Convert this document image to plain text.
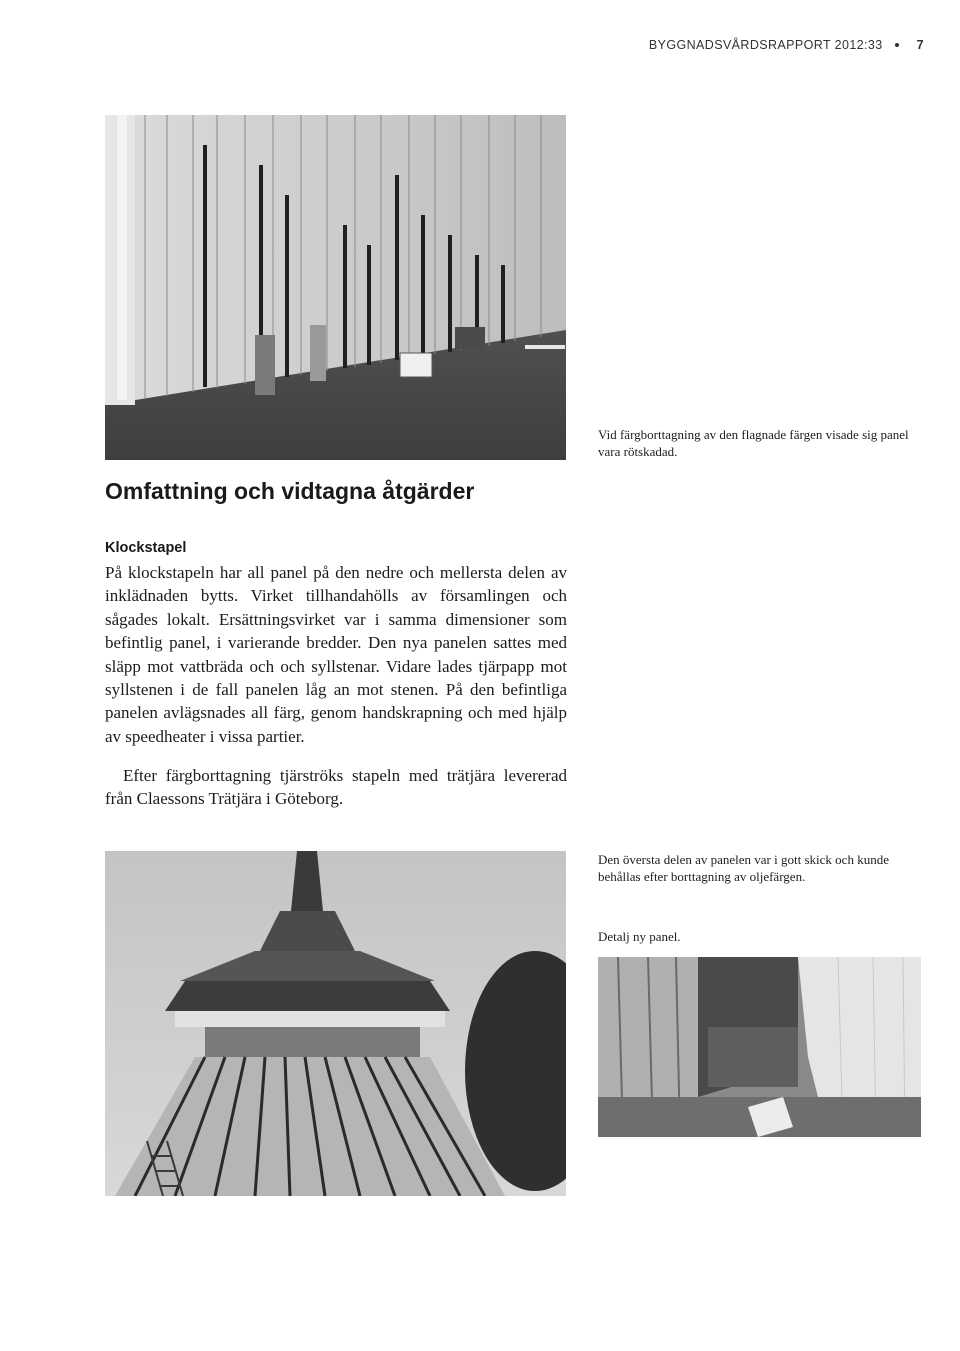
BYGGNADSVÅRDSRAPPORT 2012:33	7
Vid färgborttagning av den flagnade färgen visade sig panel vara rötskadad.
Omfattning och vidtagna åtgärder
Klockstapel

På klockstapeln har all panel på den nedre och mellersta delen av inklädnaden bytts. Virket tillhandahölls av församlingen och sågades lokalt. Ersättningsvirket var i samma dimensioner som befintlig panel, i varierande bredder. Den nya panelen sattes med släpp mot vattbräda och och syllstenar. Vidare lades tjärpapp mot syllstenen i de fall panelen låg an mot stenen. På den befintliga panelen avlägsnades all färg, genom handskrapning och med hjälp av speedheater i vissa partier.

Efter färgborttagning tjärströks stapeln med trätjära levererad från Claessons Trätjära i Göteborg.

Den översta delen av panelen var i gott skick och kunde behållas efter borttagning av oljefärgen.
Detalj ny panel.
